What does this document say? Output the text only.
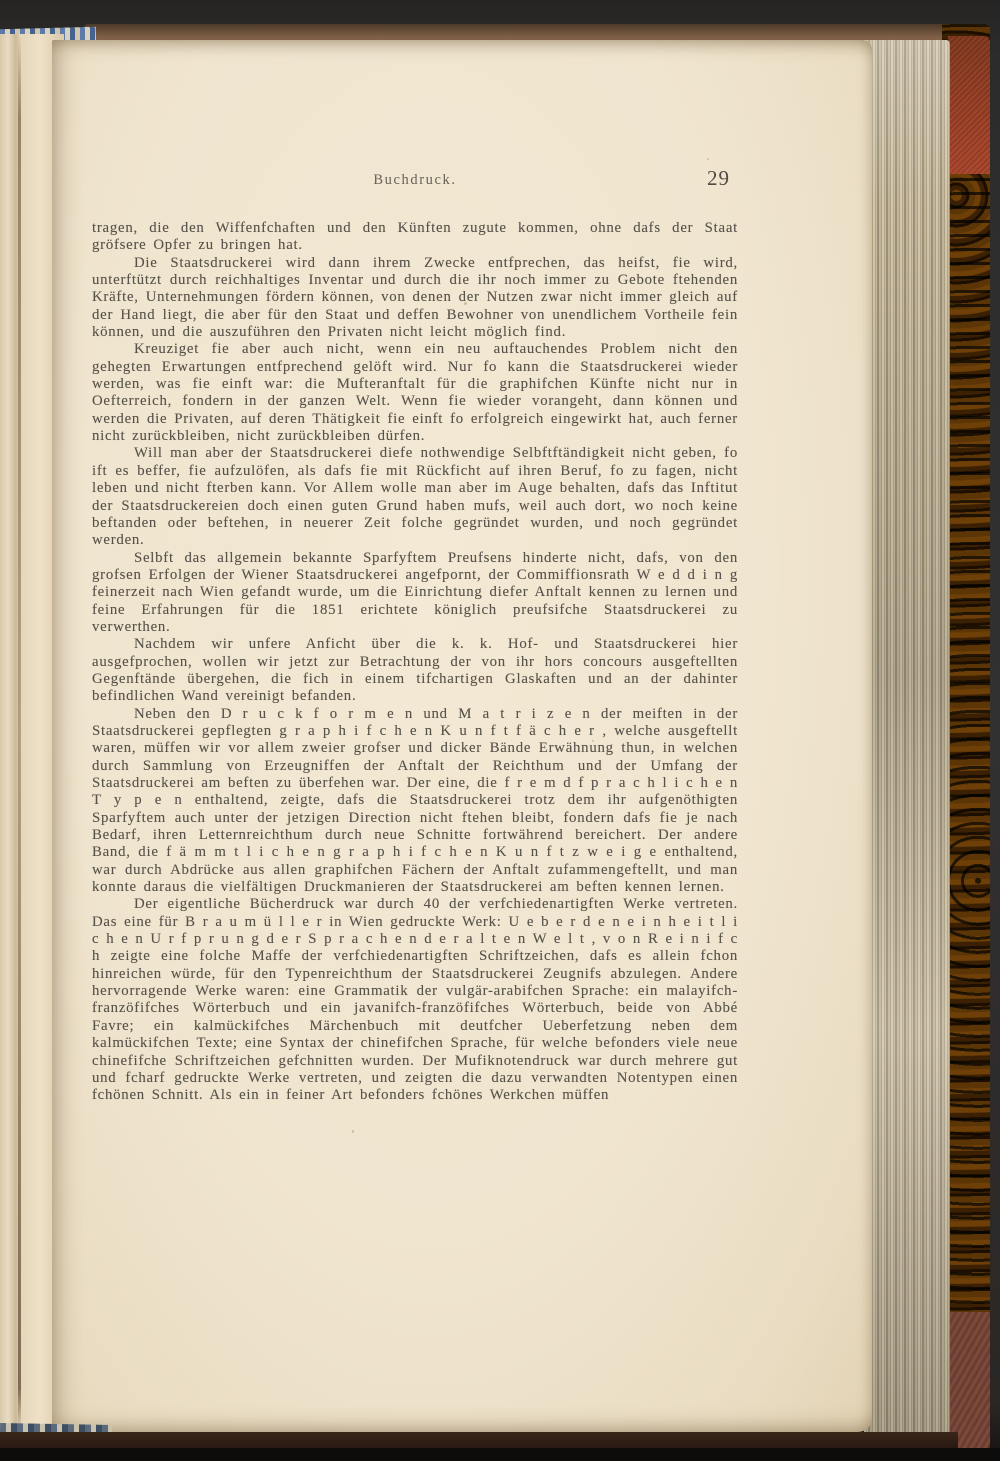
Buchdruck.	29

tragen, die den Wiffenfchaften und den Künften zugute kommen, ohne dafs der Staat gröfsere Opfer zu bringen hat.

Die Staatsdruckerei wird dann ihrem Zwecke entfprechen, das heifst, fie wird, unterftützt durch reichhaltiges Inventar und durch die ihr noch immer zu Gebote ftehenden Kräfte, Unternehmungen fördern können, von denen der Nutzen zwar nicht immer gleich auf der Hand liegt, die aber für den Staat und deffen Bewohner von unendlichem Vortheile fein können, und die auszuführen den Privaten nicht leicht möglich find.

Kreuziget fie aber auch nicht, wenn ein neu auftauchendes Problem nicht den gehegten Erwartungen entfprechend gelöft wird. Nur fo kann die Staatsdruckerei wieder werden, was fie einft war: die Mufteranftalt für die graphifchen Künfte nicht nur in Oefterreich, fondern in der ganzen Welt. Wenn fie wieder vorangeht, dann können und werden die Privaten, auf deren Thätigkeit fie einft fo erfolgreich eingewirkt hat, auch ferner nicht zurückbleiben, nicht zurückbleiben dürfen.

Will man aber der Staatsdruckerei diefe nothwendige Selbftftändigkeit nicht geben, fo ift es beffer, fie aufzulöfen, als dafs fie mit Rückficht auf ihren Beruf, fo zu fagen, nicht leben und nicht fterben kann. Vor Allem wolle man aber im Auge behalten, dafs das Inftitut der Staatsdruckereien doch einen guten Grund haben mufs, weil auch dort, wo noch keine beftanden oder beftehen, in neuerer Zeit folche gegründet wurden, und noch gegründet werden.

Selbft das allgemein bekannte Sparfyftem Preufsens hinderte nicht, dafs, von den grofsen Erfolgen der Wiener Staatsdruckerei angefpornt, der Commiffionsrath W e d d i n g feinerzeit nach Wien gefandt wurde, um die Einrichtung diefer Anftalt kennen zu lernen und feine Erfahrungen für die 1851 erichtete königlich preufsifche Staatsdruckerei zu verwerthen.

Nachdem wir unfere Anficht über die k. k. Hof- und Staatsdruckerei hier ausgefprochen, wollen wir jetzt zur Betrachtung der von ihr hors concours ausgeftellten Gegenftände übergehen, die fich in einem tifchartigen Glaskaften und an der dahinter befindlichen Wand vereinigt befanden.

Neben den D r u c k f o r m e n und M a t r i z e n der meiften in der Staatsdruckerei gepflegten g r a p h i f c h e n K u n f t f ä c h e r , welche ausgeftellt waren, müffen wir vor allem zweier grofser und dicker Bände Erwähnung thun, in welchen durch Sammlung von Erzeugniffen der Anftalt der Reichthum und der Umfang der Staatsdruckerei am beften zu überfehen war. Der eine, die f r e m d f p r a c h l i c h e n T y p e n enthaltend, zeigte, dafs die Staatsdruckerei trotz dem ihr aufgenöthigten Sparfyftem auch unter der jetzigen Direction nicht ftehen bleibt, fondern dafs fie je nach Bedarf, ihren Letternreichthum durch neue Schnitte fortwährend bereichert. Der andere Band, die f ä m m t l i c h e n g r a p h i f c h e n K u n f t z w e i g e enthaltend, war durch Abdrücke aus allen graphifchen Fächern der Anftalt zufammengeftellt, und man konnte daraus die vielfältigen Druckmanieren der Staatsdruckerei am beften kennen lernen.

Der eigentliche Bücherdruck war durch 40 der verfchiedenartigften Werke vertreten. Das eine für B r a u m ü l l e r in Wien gedruckte Werk: U e b e r d e n e i n h e i t l i c h e n U r f p r u n g d e r S p r a c h e n d e r a l t e n W e l t , v o n R e i n i f c h zeigte eine folche Maffe der verfchiedenartigften Schriftzeichen, dafs es allein fchon hinreichen würde, für den Typenreichthum der Staatsdruckerei Zeugnifs abzulegen. Andere hervorragende Werke waren: eine Grammatik der vulgär-arabifchen Sprache: ein malayifch-franzöfifches Wörterbuch und ein javanifch-franzöfifches Wörterbuch, beide von Abbé Favre; ein kalmückifches Märchenbuch mit deutfcher Ueberfetzung neben dem kalmückifchen Texte; eine Syntax der chinefifchen Sprache, für welche befonders viele neue chinefifche Schriftzeichen gefchnitten wurden. Der Mufiknotendruck war durch mehrere gut und fcharf gedruckte Werke vertreten, und zeigten die dazu verwandten Notentypen einen fchönen Schnitt. Als ein in feiner Art befonders fchönes Werkchen müffen
